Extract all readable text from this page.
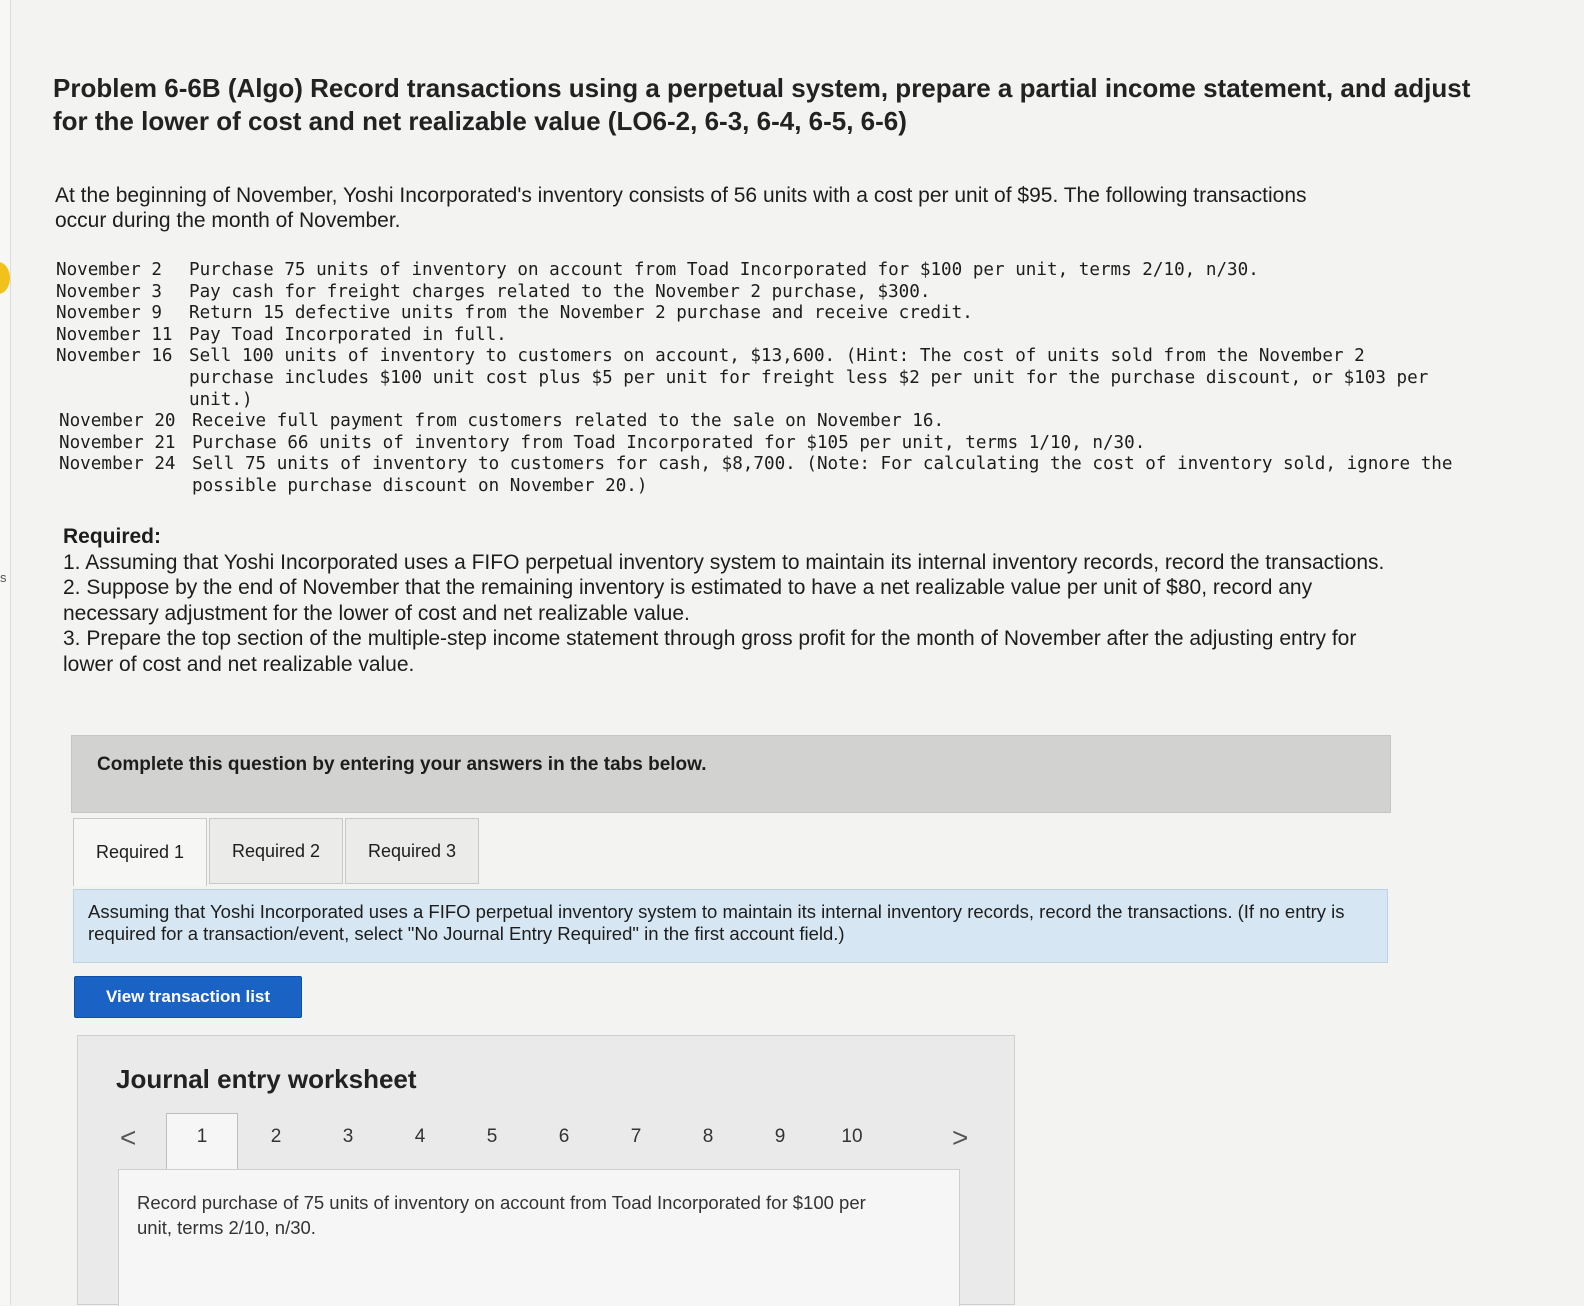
s
Problem 6-6B (Algo) Record transactions using a perpetual system, prepare a partial income statement, and adjust for the lower of cost and net realizable value (LO6-2, 6-3, 6-4, 6-5, 6-6)
At the beginning of November, Yoshi Incorporated's inventory consists of 56 units with a cost per unit of $95. The following transactions occur during the month of November.
November 2	Purchase 75 units of inventory on account from Toad Incorporated for $100 per unit, terms 2/10, n/30.
November 3	Pay cash for freight charges related to the November 2 purchase, $300.
November 9	Return 15 defective units from the November 2 purchase and receive credit.
November 11 Pay Toad Incorporated in full.
November 16 Sell 100 units of inventory to customers on account, $13,600. (Hint: The cost of units sold from the November 2 purchase includes $100 unit cost plus $5 per unit for freight less $2 per unit for the purchase discount, or $103 per unit.)
November 20 Receive full payment from customers related to the sale on November 16.
November 21 Purchase 66 units of inventory from Toad Incorporated for $105 per unit, terms 1/10, n/30.
November 24 Sell 75 units of inventory to customers for cash, $8,700. (Note: For calculating the cost of inventory sold, ignore the possible purchase discount on November 20.)
Required:
1. Assuming that Yoshi Incorporated uses a FIFO perpetual inventory system to maintain its internal inventory records, record the transactions.
2. Suppose by the end of November that the remaining inventory is estimated to have a net realizable value per unit of $80, record any necessary adjustment for the lower of cost and net realizable value.
3. Prepare the top section of the multiple-step income statement through gross profit for the month of November after the adjusting entry for lower of cost and net realizable value.
Complete this question by entering your answers in the tabs below.
Required 1	Required 2	Required 3
Assuming that Yoshi Incorporated uses a FIFO perpetual inventory system to maintain its internal inventory records, record the transactions. (If no entry is required for a transaction/event, select "No Journal Entry Required" in the first account field.)
View transaction list
Journal entry worksheet
<	1	2	3	4	5	6	7	8	9	10	>
Record purchase of 75 units of inventory on account from Toad Incorporated for $100 per unit, terms 2/10, n/30.
